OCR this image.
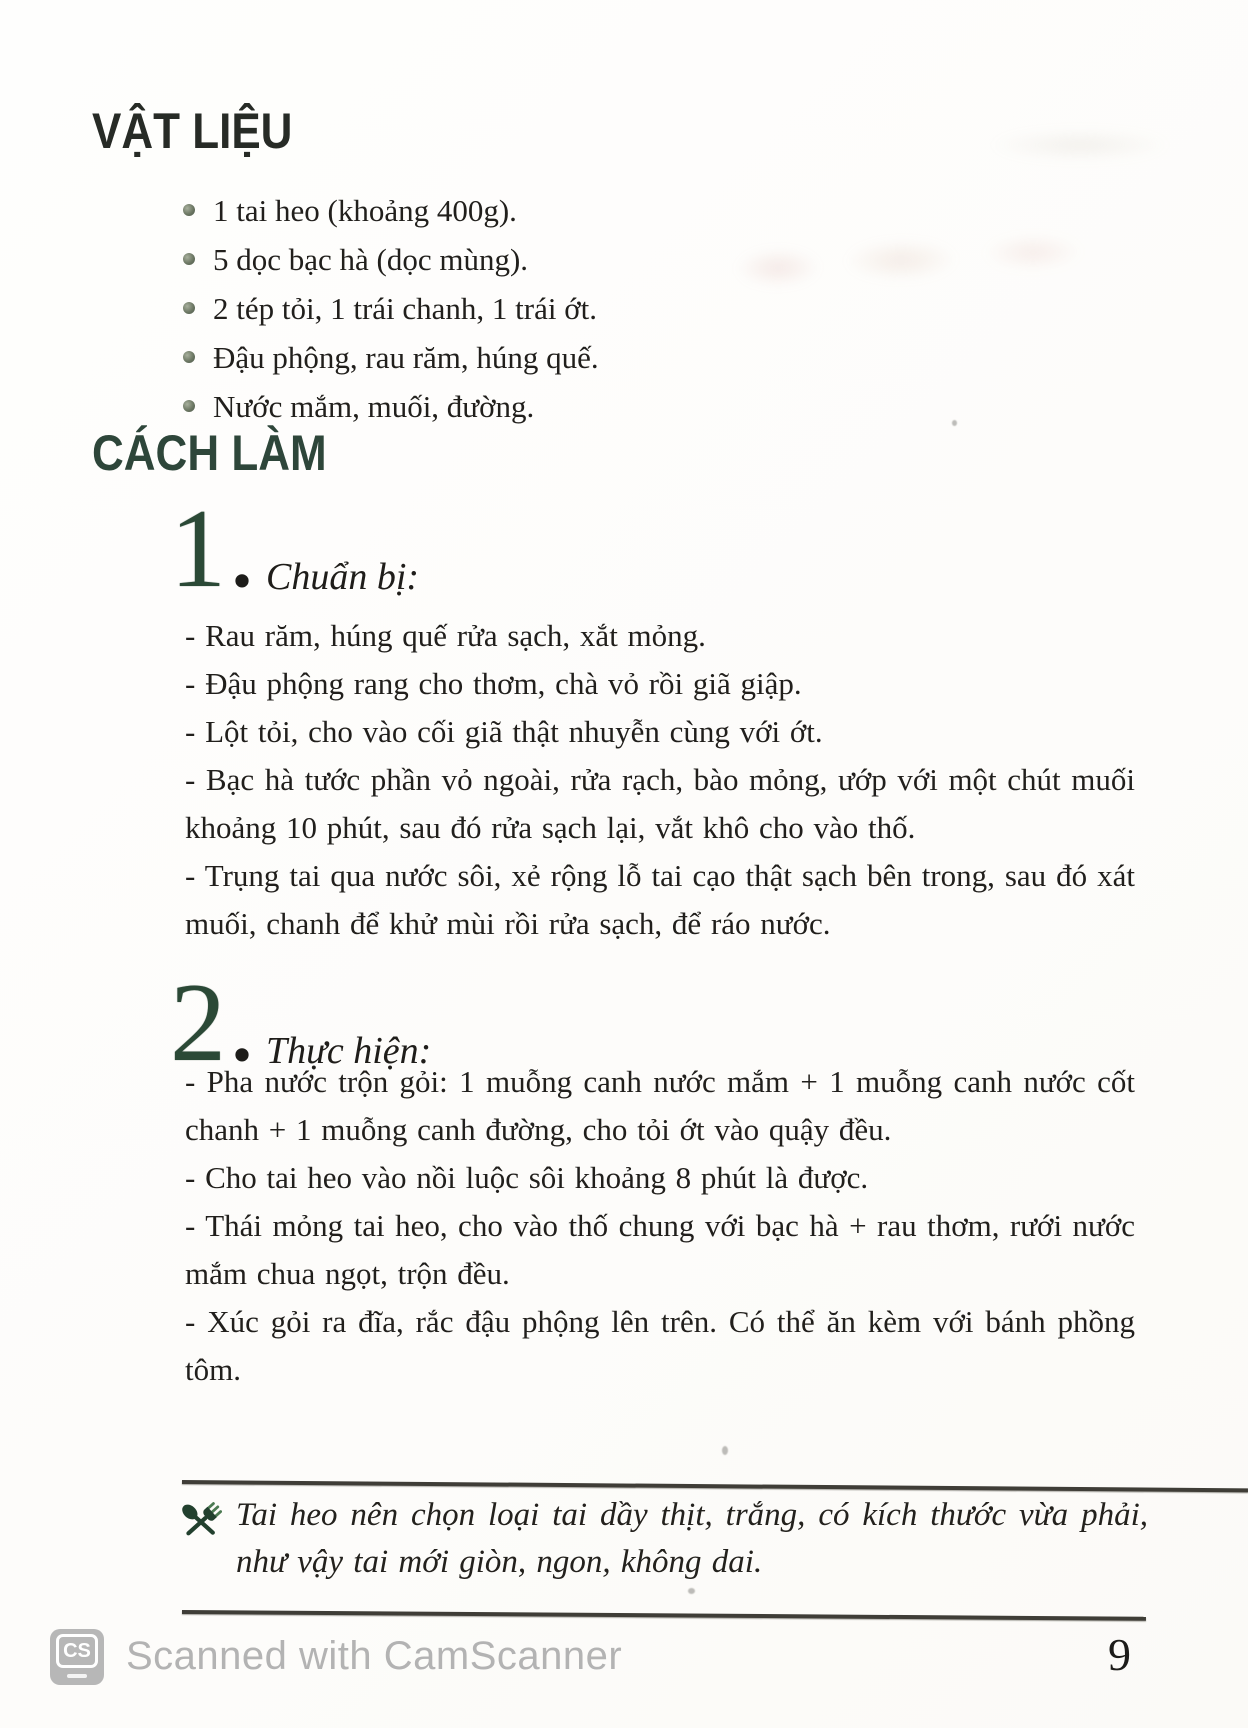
VẬT LIỆU
1 tai heo (khoảng 400g).
5 dọc bạc hà (dọc mùng).
2 tép tỏi, 1 trái chanh, 1 trái ớt.
Đậu phộng, rau răm, húng quế.
Nước mắm, muối, đường.
CÁCH LÀM
1 . Chuẩn bị:

- Rau răm, húng quế rửa sạch, xắt mỏng.

- Đậu phộng rang cho thơm, chà vỏ rồi giã giập.

- Lột tỏi, cho vào cối giã thật nhuyễn cùng với ớt.

- Bạc hà tước phần vỏ ngoài, rửa rạch, bào mỏng, ướp với một chút muối khoảng 10 phút, sau đó rửa sạch lại, vắt khô cho vào thố.

- Trụng tai qua nước sôi, xẻ rộng lỗ tai cạo thật sạch bên trong, sau đó xát muối, chanh để khử mùi rồi rửa sạch, để ráo nước.

2 . Thực hiện:

- Pha nước trộn gỏi: 1 muỗng canh nước mắm + 1 muỗng canh nước cốt chanh + 1 muỗng canh đường, cho tỏi ớt vào quậy đều.

- Cho tai heo vào nồi luộc sôi khoảng 8 phút là được.

- Thái mỏng tai heo, cho vào thố chung với bạc hà + rau thơm, rưới nước mắm chua ngọt, trộn đều.

- Xúc gỏi ra đĩa, rắc đậu phộng lên trên. Có thể ăn kèm với bánh phồng tôm.

Tai heo nên chọn loại tai dầy thịt, trắng, có kích thước vừa phải, như vậy tai mới giòn, ngon, không dai.

CS Scanned with CamScanner	9
